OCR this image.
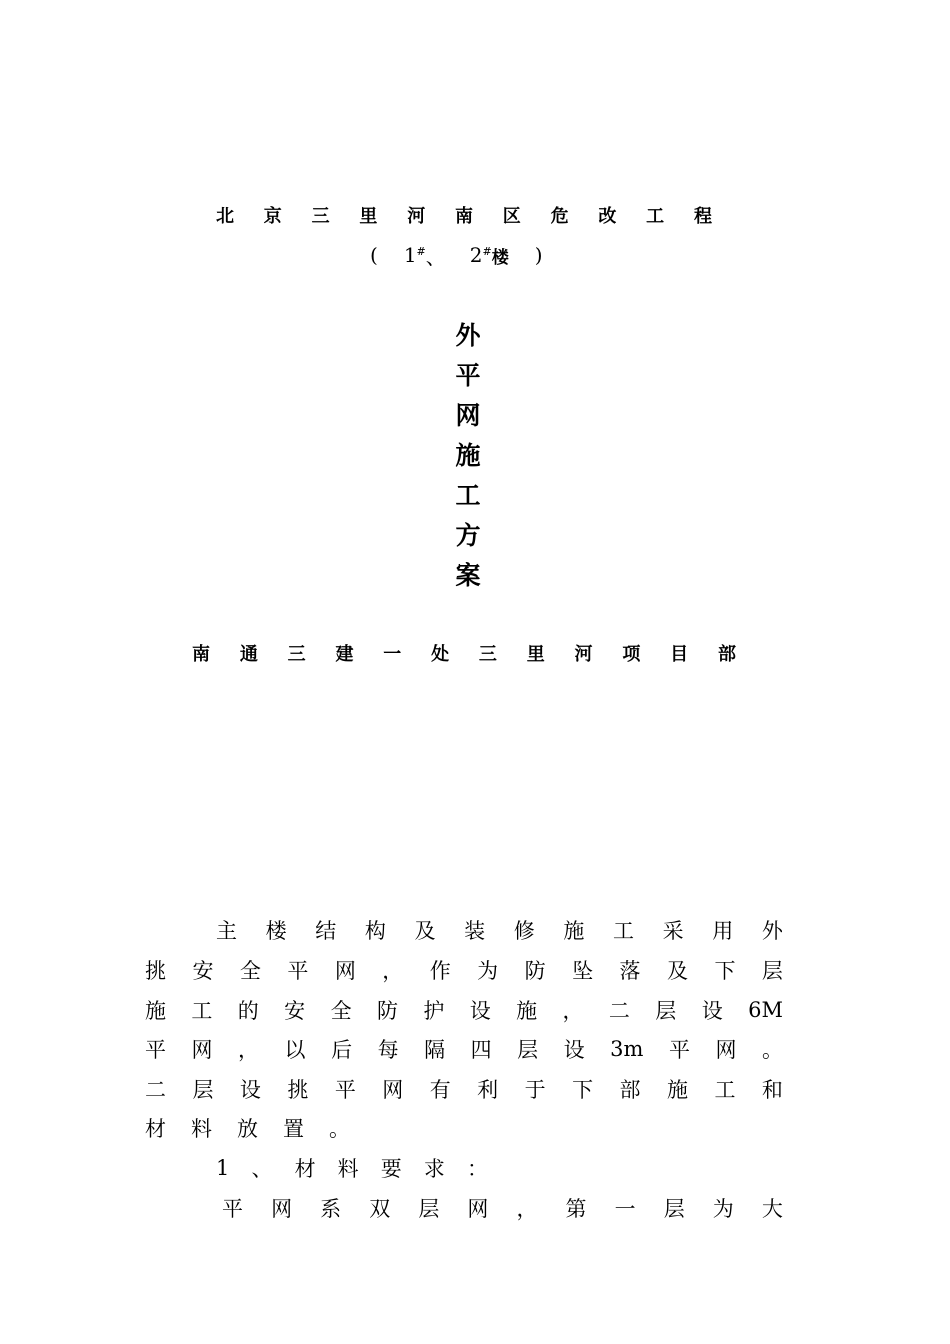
北 京 三 里 河 南 区 危 改 工 程
( 1# 、 2# 楼 )
外
平
网
施
工
方
案
南 通 三 建 一 处 三 里 河 项 目 部
主 楼 结 构 及 装 修 施 工 采 用 外
挑 安 全 平 网 ， 作 为 防 坠 落 及 下 层
施 工 的 安 全 防 护 设 施 ， 二 层 设 6M
平 网 ， 以 后 每 隔 四 层 设 3m 平 网 。
二 层 设 挑 平 网 有 利 于 下 部 施 工 和
材 料 放 置 。
1 、 材 料 要 求 ：
平 网 系 双 层 网 ， 第 一 层 为 大
